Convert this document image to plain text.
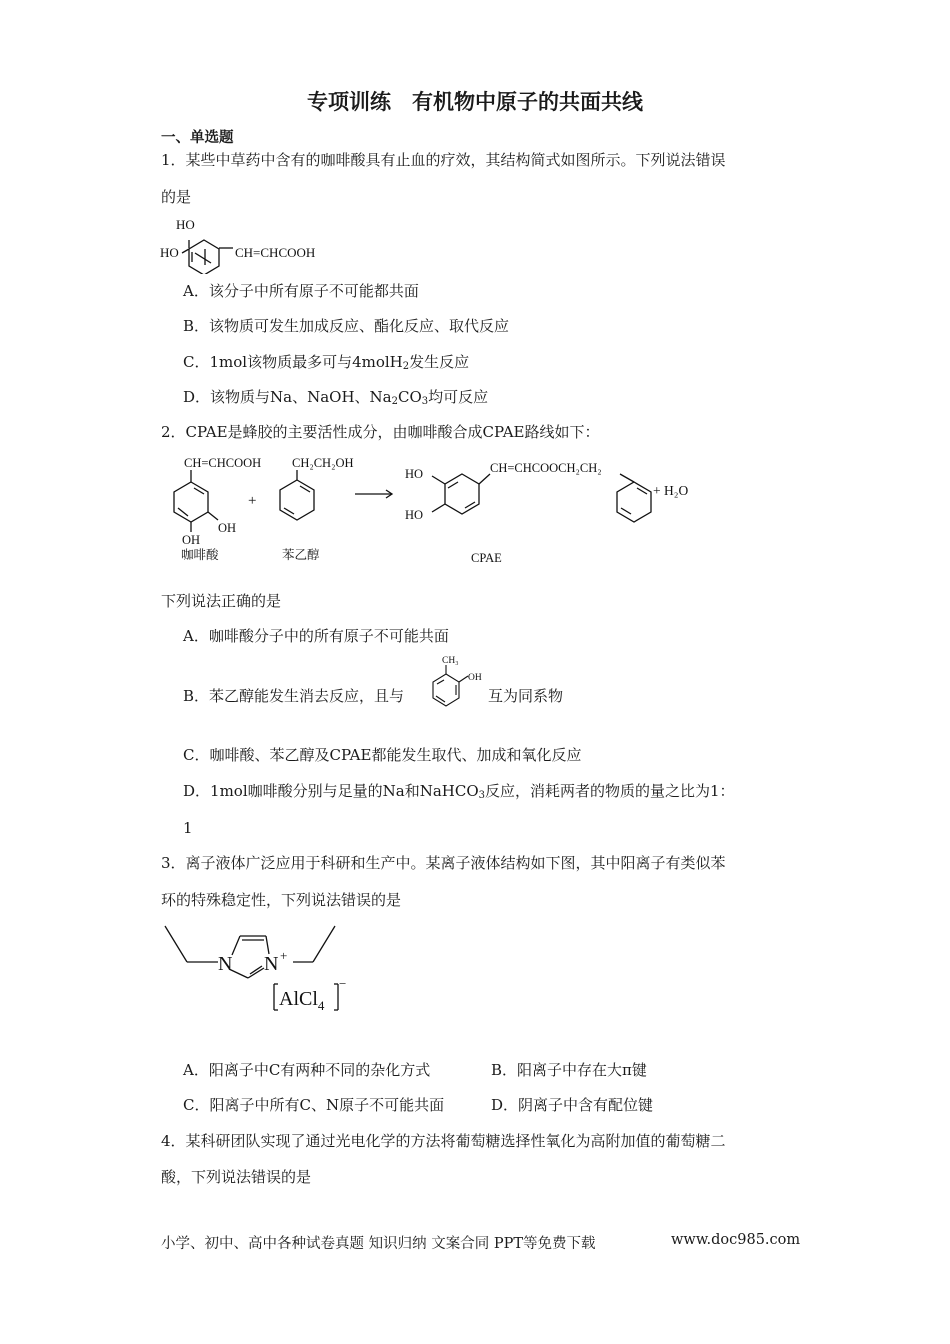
专项训练　有机物中原子的共面共线
一、单选题
1．某些中草药中含有的咖啡酸具有止血的疗效，其结构简式如图所示。下列说法错误
的是
HO
HO	CH=CHCOOH
A．该分子中所有原子不可能都共面
B．该物质可发生加成反应、酯化反应、取代反应
C．1mol该物质最多可与4molH$_2$发生反应
D．该物质与Na、NaOH、$Na_2CO_3$均可反应
2．CPAE是蜂胶的主要活性成分，由咖啡酸合成CPAE路线如下：
CH=CHCOOH
OH
OH
咖啡酸
+
CH₂CH₂OH
苯乙醇
HO
HO
CH=CHCOOCH₂CH₂
+ H₂O
CPAE
下列说法正确的是
A．咖啡酸分子中的所有原子不可能共面
B．苯乙醇能发生消去反应，且与
CH₃
OH
互为同系物
C．咖啡酸、苯乙醇及CPAE都能发生取代、加成和氧化反应
D．1mol咖啡酸分别与足量的Na和NaHCO$_3$反应，消耗两者的物质的量之比为1：
1
3．离子液体广泛应用于科研和生产中。某离子液体结构如下图，其中阳离子有类似苯
环的特殊稳定性，下列说法错误的是
N N +
AlCl$_4$
−
A．阳离子中C有两种不同的杂化方式	B．阳离子中存在大π键
C．阳离子中所有C、N原子不可能共面	D．阴离子中含有配位键
4．某科研团队实现了通过光电化学的方法将葡萄糖选择性氧化为高附加值的葡萄糖二
酸，下列说法错误的是
小学、初中、高中各种试卷真题 知识归纳 文案合同 PPT等免费下载	www.doc985.com
